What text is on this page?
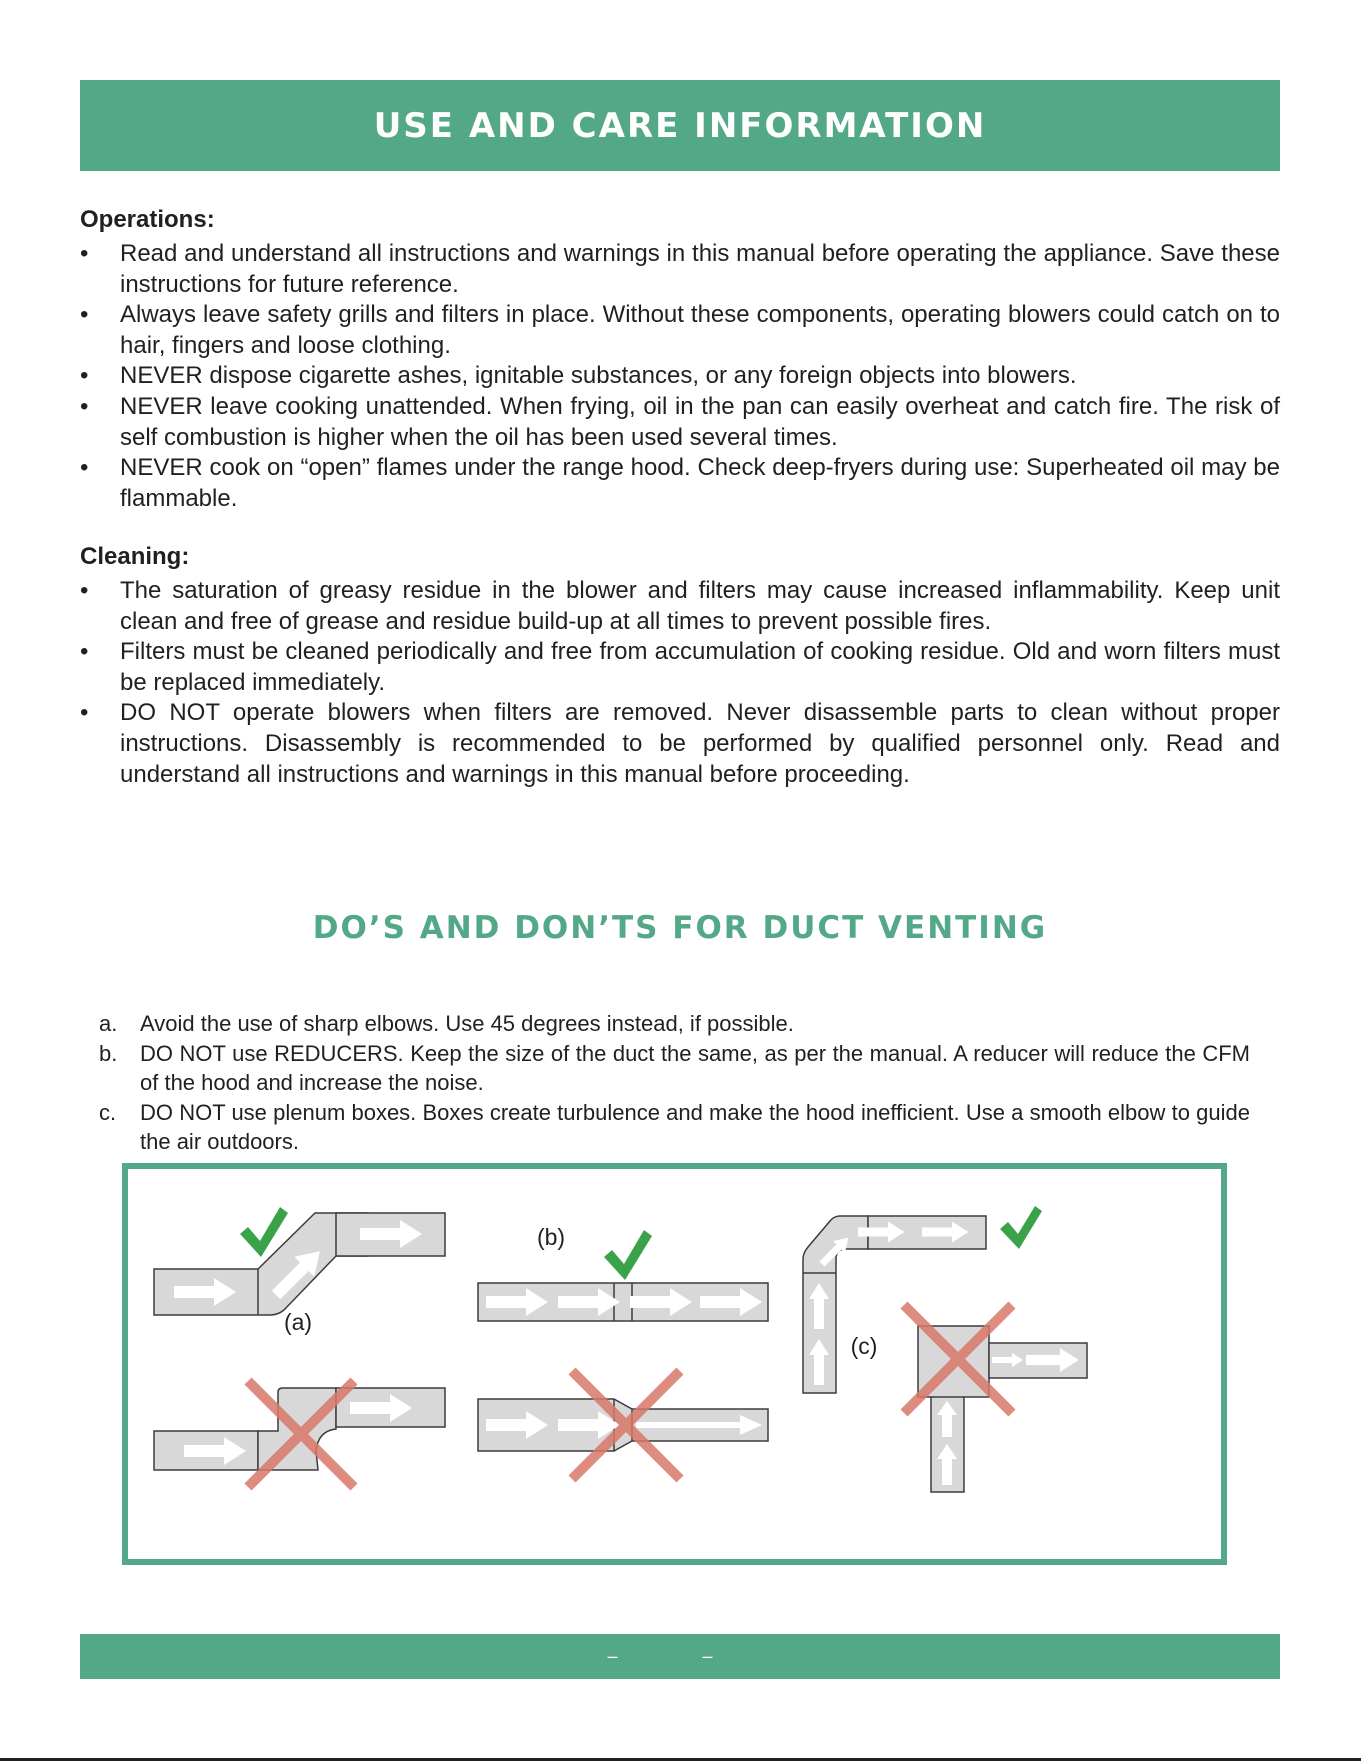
USE AND CARE INFORMATION
Operations:
•	Read and understand all instructions and warnings in this manual before operating the appliance. Save these instructions for future reference.
•	Always leave safety grills and filters in place. Without these components, operating blowers could catch on to hair, fingers and loose clothing.
•	NEVER dispose cigarette ashes, ignitable substances, or any foreign objects into blowers.
•	NEVER leave cooking unattended. When frying, oil in the pan can easily overheat and catch fire. The risk of self combustion is higher when the oil has been used several times.
•	NEVER cook on “open” flames under the range hood. Check deep-fryers during use: Superheated oil may be flammable.
Cleaning:
•	The saturation of greasy residue in the blower and filters may cause increased inflammability. Keep unit clean and free of grease and residue build-up at all times to prevent possible fires.
•	Filters must be cleaned periodically and free from accumulation of cooking residue. Old and worn filters must be replaced immediately.
•	DO NOT operate blowers when filters are removed. Never disassemble parts to clean without proper instructions. Disassembly is recommended to be performed by qualified personnel only. Read and understand all instructions and warnings in this manual before proceeding.
DO’S AND DON’TS FOR DUCT VENTING
a. Avoid the use of sharp elbows. Use 45 degrees instead, if possible.
b. DO NOT use REDUCERS. Keep the size of the duct the same, as per the manual. A reducer will reduce the CFM of the hood and increase the noise.
c. DO NOT use plenum boxes. Boxes create turbulence and make the hood inefficient. Use a smooth elbow to guide the air outdoors.
(a)
(b)
(c)
– –
